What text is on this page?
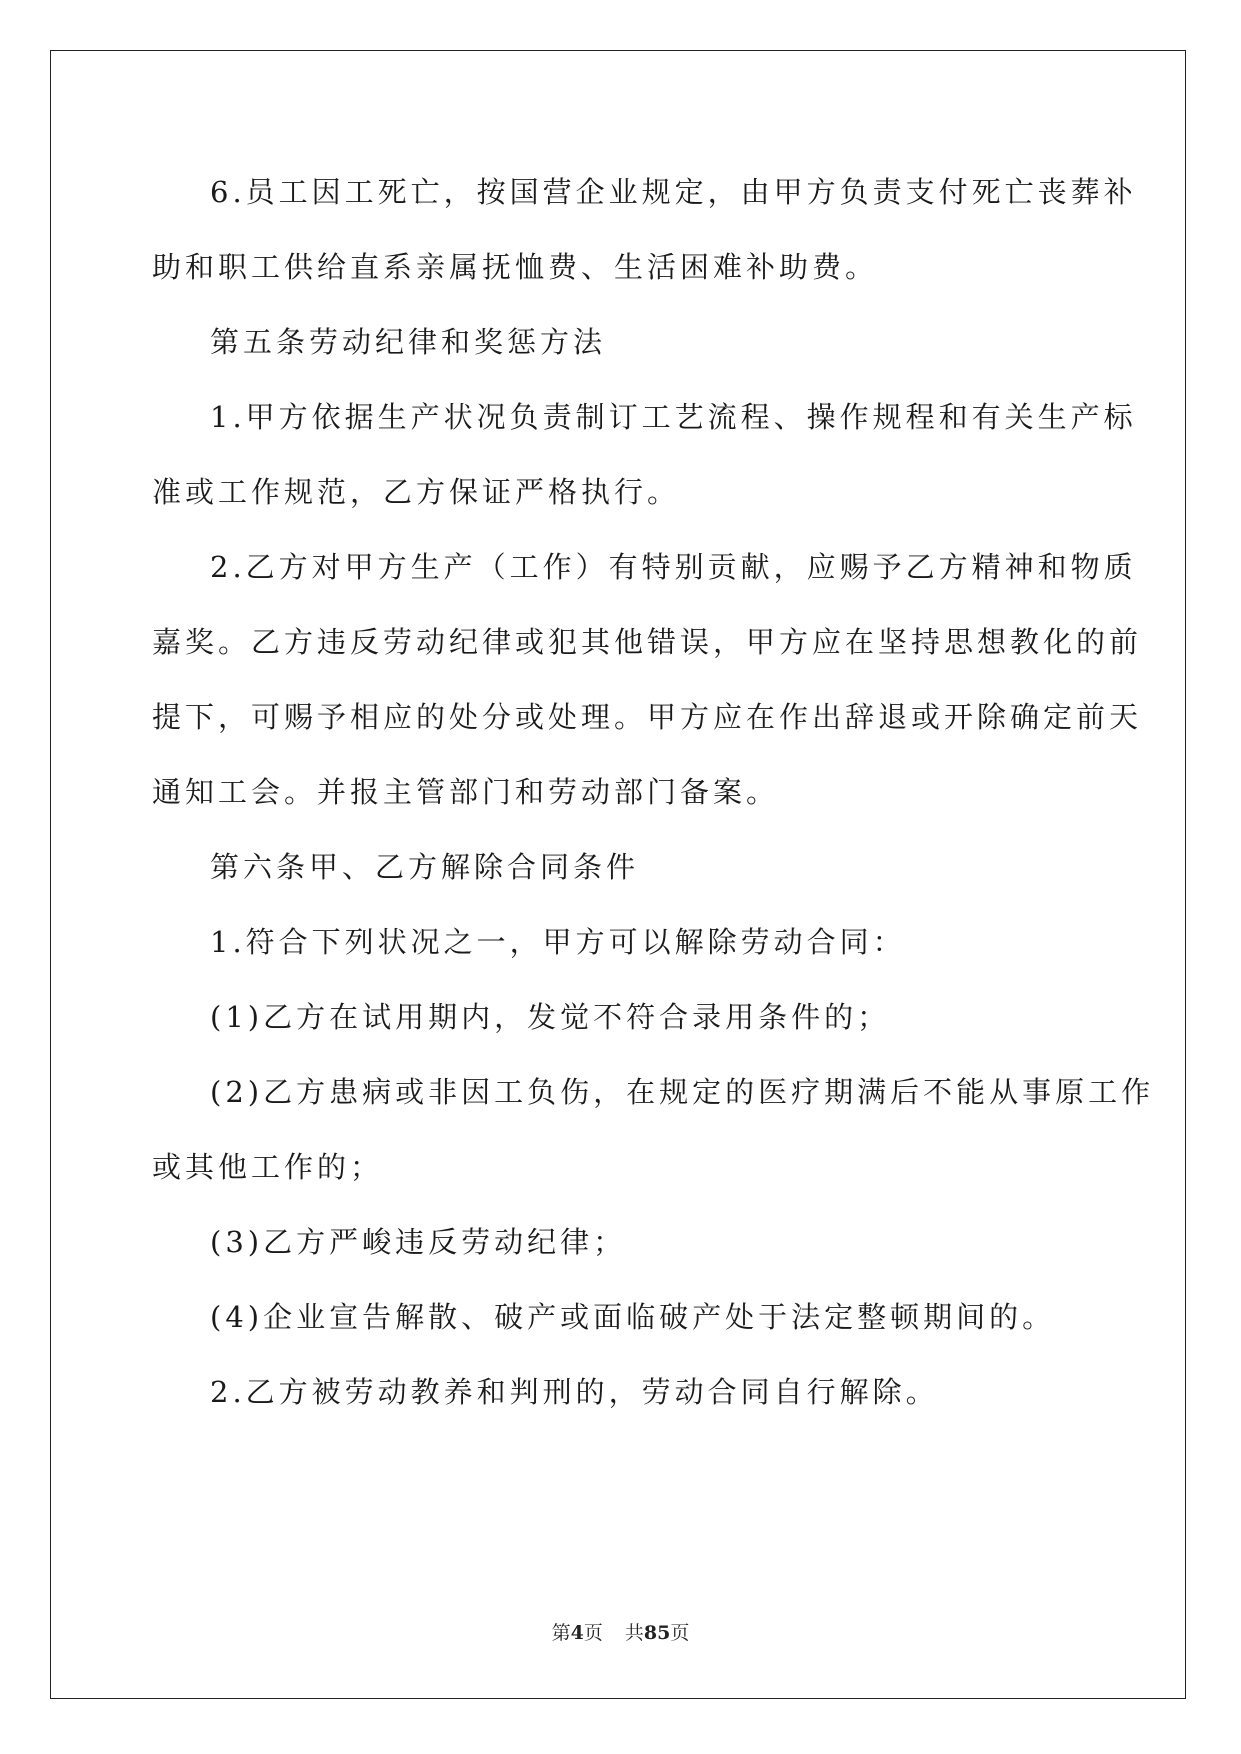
6.员工因工死亡，按国营企业规定，由甲方负责支付死亡丧葬补
助和职工供给直系亲属抚恤费、生活困难补助费。
第五条劳动纪律和奖惩方法
1.甲方依据生产状况负责制订工艺流程、操作规程和有关生产标
准或工作规范，乙方保证严格执行。
2.乙方对甲方生产（工作）有特别贡献，应赐予乙方精神和物质
嘉奖。乙方违反劳动纪律或犯其他错误，甲方应在坚持思想教化的前
提下，可赐予相应的处分或处理。甲方应在作出辞退或开除确定前天
通知工会。并报主管部门和劳动部门备案。
第六条甲、乙方解除合同条件
1.符合下列状况之一，甲方可以解除劳动合同：
(1)乙方在试用期内，发觉不符合录用条件的；
(2)乙方患病或非因工负伤，在规定的医疗期满后不能从事原工作
或其他工作的；
(3)乙方严峻违反劳动纪律；
(4)企业宣告解散、破产或面临破产处于法定整顿期间的。
2.乙方被劳动教养和判刑的，劳动合同自行解除。
第4页 共85页
